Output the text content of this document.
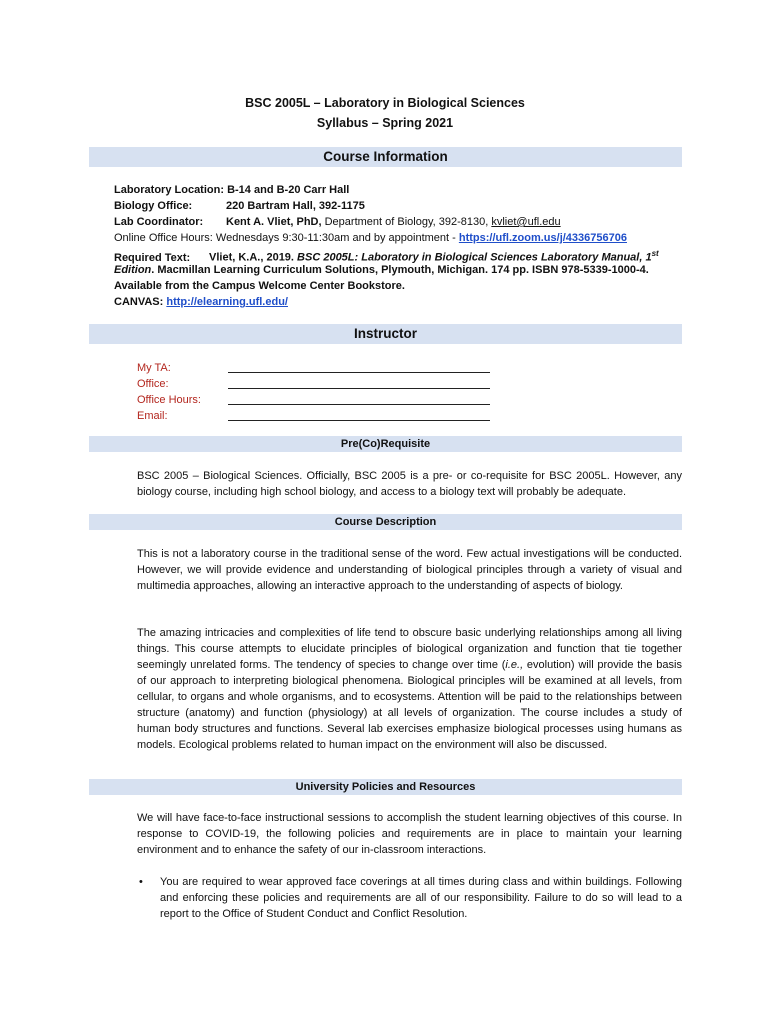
BSC 2005L – Laboratory in Biological Sciences
Syllabus – Spring 2021
Course Information
Laboratory Location: B-14 and B-20 Carr Hall
Biology Office:	220 Bartram Hall, 392-1175
Lab Coordinator: Kent A. Vliet, PhD, Department of Biology, 392-8130, kvliet@ufl.edu
Online Office Hours: Wednesdays 9:30-11:30am and by appointment - https://ufl.zoom.us/j/4336756706
Required Text: Vliet, K.A., 2019. BSC 2005L: Laboratory in Biological Sciences Laboratory Manual, 1st
Edition. Macmillan Learning Curriculum Solutions, Plymouth, Michigan. 174 pp. ISBN 978-5339-1000-4.
Available from the Campus Welcome Center Bookstore.
CANVAS: http://elearning.ufl.edu/
Instructor
My TA:
Office:
Office Hours:
Email:
Pre(Co)Requisite

BSC 2005 – Biological Sciences. Officially, BSC 2005 is a pre- or co-requisite for BSC 2005L. However, any biology course, including high school biology, and access to a biology text will probably be adequate.

Course Description

This is not a laboratory course in the traditional sense of the word. Few actual investigations will be conducted. However, we will provide evidence and understanding of biological principles through a variety of visual and multimedia approaches, allowing an interactive approach to the understanding of aspects of biology.

The amazing intricacies and complexities of life tend to obscure basic underlying relationships among all living things. This course attempts to elucidate principles of biological organization and function that tie together seemingly unrelated forms. The tendency of species to change over time (i.e., evolution) will provide the basis of our approach to interpreting biological phenomena. Biological principles will be examined at all levels, from cellular, to organs and whole organisms, and to ecosystems. Attention will be paid to the relationships between structure (anatomy) and function (physiology) at all levels of organization. The course includes a study of human body structures and functions. Several lab exercises emphasize biological processes using humans as models. Ecological problems related to human impact on the environment will also be discussed.

University Policies and Resources

We will have face-to-face instructional sessions to accomplish the student learning objectives of this course. In response to COVID-19, the following policies and requirements are in place to maintain your learning environment and to enhance the safety of our in-classroom interactions.

• You are required to wear approved face coverings at all times during class and within buildings. Following and enforcing these policies and requirements are all of our responsibility. Failure to do so will lead to a report to the Office of Student Conduct and Conflict Resolution.
